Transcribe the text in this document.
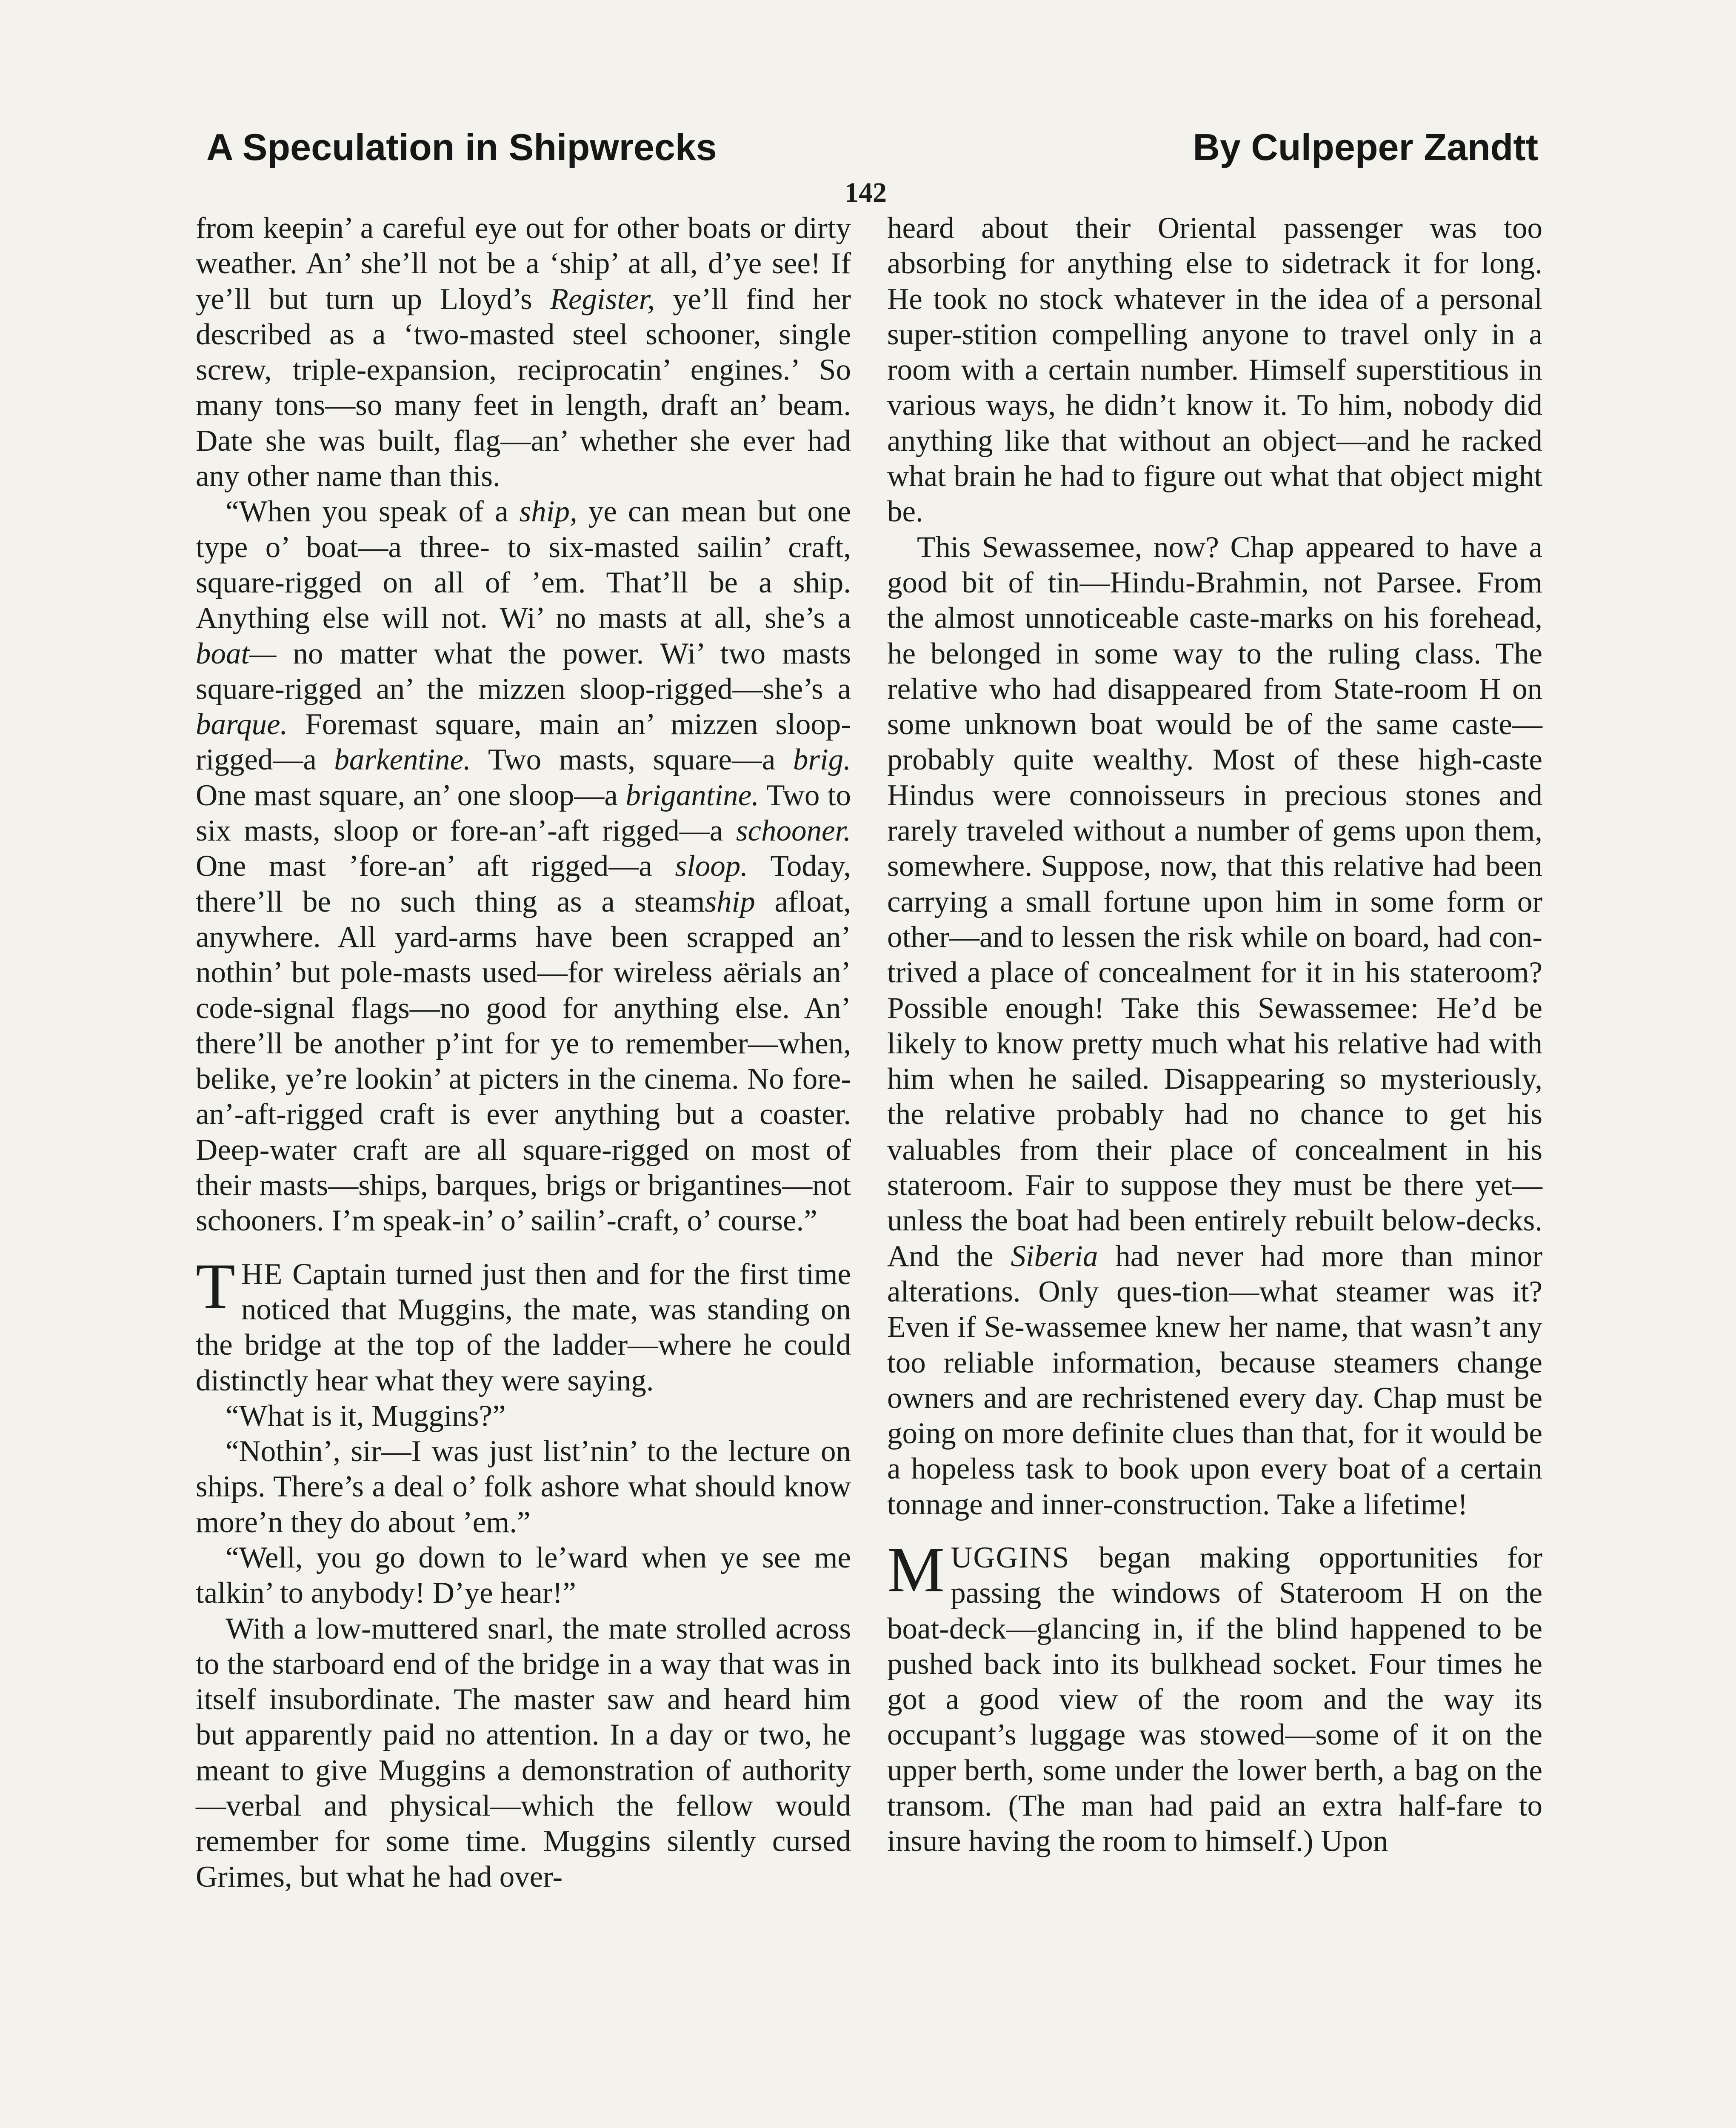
A Speculation in Shipwrecks	By Culpeper Zandtt
142

from keepin’ a careful eye out for other boats or dirty weather. An’ she’ll not be a ‘ship’ at all, d’ye see! If ye’ll but turn up Lloyd’s Register, ye’ll find her described as a ‘two-masted steel schooner, single screw, triple-expansion, reciprocatin’ engines.’ So many tons—so many feet in length, draft an’ beam. Date she was built, flag—an’ whether she ever had any other name than this.

“When you speak of a ship, ye can mean but one type o’ boat—a three- to six-masted sailin’ craft, square-rigged on all of ’em. That’ll be a ship. Anything else will not. Wi’ no masts at all, she’s a boat— no matter what the power. Wi’ two masts square-rigged an’ the mizzen sloop-rigged—she’s a barque. Foremast square, main an’ mizzen sloop-rigged—a barkentine. Two masts, square—a brig. One mast square, an’ one sloop—a brigantine. Two to six masts, sloop or fore-an’-aft rigged—a schooner. One mast ’fore-an’ aft rigged—a sloop. Today, there’ll be no such thing as a steamship afloat, anywhere. All yard-arms have been scrapped an’ nothin’ but pole-masts used—for wireless aërials an’ code-signal flags—no good for anything else. An’ there’ll be another p’int for ye to remember—when, belike, ye’re lookin’ at picters in the cinema. No fore-an’-aft-rigged craft is ever anything but a coaster. Deep-water craft are all square-rigged on most of their masts—ships, barques, brigs or brigantines—not schooners. I’m speak-in’ o’ sailin’-craft, o’ course.”

THE Captain turned just then and for the first time noticed that Muggins, the mate, was standing on the bridge at the top of the ladder—where he could distinctly hear what they were saying.

“What is it, Muggins?”

“Nothin’, sir—I was just list’nin’ to the lecture on ships. There’s a deal o’ folk ashore what should know more’n they do about ’em.”

“Well, you go down to le’ward when ye see me talkin’ to anybody! D’ye hear!”

With a low-muttered snarl, the mate strolled across to the starboard end of the bridge in a way that was in itself insubordinate. The master saw and heard him but apparently paid no attention. In a day or two, he meant to give Muggins a demonstration of authority—verbal and physical—which the fellow would remember for some time. Muggins silently cursed Grimes, but what he had over-

heard about their Oriental passenger was too absorbing for anything else to sidetrack it for long. He took no stock whatever in the idea of a personal super-stition compelling anyone to travel only in a room with a certain number. Himself superstitious in various ways, he didn’t know it. To him, nobody did anything like that without an object—and he racked what brain he had to figure out what that object might be.

This Sewassemee, now? Chap appeared to have a good bit of tin—Hindu-Brahmin, not Parsee. From the almost unnoticeable caste-marks on his forehead, he belonged in some way to the ruling class. The relative who had disappeared from State-room H on some unknown boat would be of the same caste—probably quite wealthy. Most of these high-caste Hindus were connoisseurs in precious stones and rarely traveled without a number of gems upon them, somewhere. Suppose, now, that this relative had been carrying a small fortune upon him in some form or other—and to lessen the risk while on board, had con-trived a place of concealment for it in his stateroom? Possible enough! Take this Sewassemee: He’d be likely to know pretty much what his relative had with him when he sailed. Disappearing so mysteriously, the relative probably had no chance to get his valuables from their place of concealment in his stateroom. Fair to suppose they must be there yet—unless the boat had been entirely rebuilt below-decks. And the Siberia had never had more than minor alterations. Only ques-tion—what steamer was it? Even if Se-wassemee knew her name, that wasn’t any too reliable information, because steamers change owners and are rechristened every day. Chap must be going on more definite clues than that, for it would be a hopeless task to book upon every boat of a certain tonnage and inner-construction. Take a lifetime!

MUGGINS began making opportunities for passing the windows of Stateroom H on the boat-deck—glancing in, if the blind happened to be pushed back into its bulkhead socket. Four times he got a good view of the room and the way its occupant’s luggage was stowed—some of it on the upper berth, some under the lower berth, a bag on the transom. (The man had paid an extra half-fare to insure having the room to himself.) Upon
